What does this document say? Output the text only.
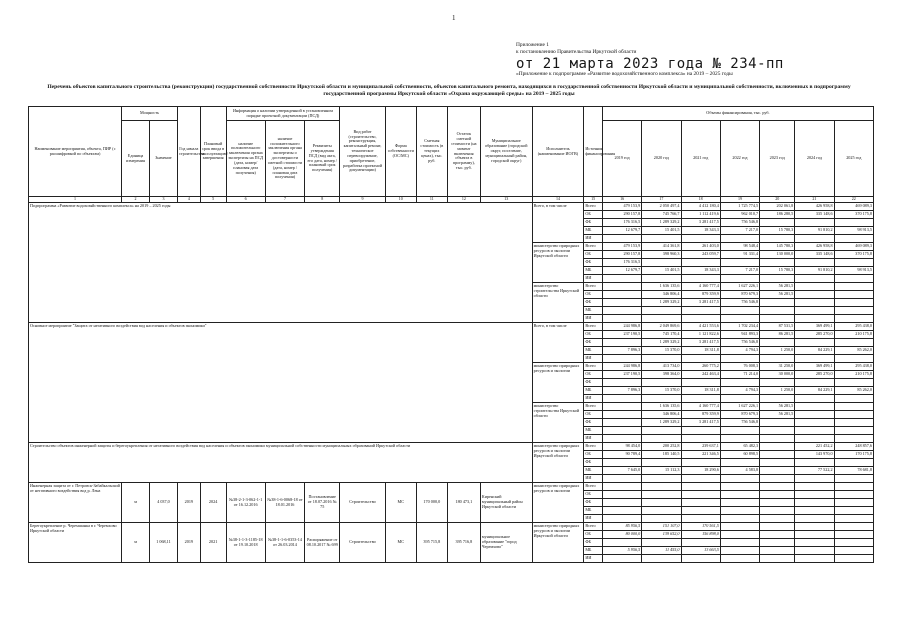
1
Приложение 1
к постановлению Правительства Иркутской области
от 21 марта 2023 года № 234-пп
«Приложение к подпрограмме «Развитие водохозяйственного комплекса» на 2019 – 2025 годы
Перечень объектов капитального строительства (реконструкции) государственной собственности Иркутской области и муниципальной собственности, объектов капитального ремонта, находящихся в государственной собственности Иркутской области и муниципальной собственности, включенных в подпрограмму государственной программы Иркутской области «Охрана окружающей среды» на 2019 – 2025 годы
Наименование мероприятия, объекта, ПИР (с расшифровкой по объектам)	Мощность		Год начала строительства	Плановый срок ввода в эксплуатацию/завершения	Информация о наличии утвержденной в установленном порядке проектной документации (ПСД)			Вид работ (строительство, реконструкция, капитальный ремонт, техническое перевооружение, приобретение, разработка проектной документации)	Форма собственности (ОС/МС)	Сметная стоимость (в текущих ценах), тыс. руб.	Остаток сметной стоимости (на момент включения объекта в программу), тыс. руб.	Муниципальное образование (городской округ, поселение, муниципальный район, городской округ)	Исполнитель (наименование ИОГВ)	Источник финансирования	Объемы финансирования, тыс. руб.						
	Единица измерения	Значение			наличие положительного заключения органа экспертизы на ПСД (дата, номер/плановая дата получения)	наличие положительного заключения органа экспертизы о достоверности сметной стоимости (дата, номер / плановая дата получения)	Реквизиты утверждения ПСД (вид акта, его дата, номер / плановый срок получения)								2019 год	2020 год	2021 год	2022 год	2023 год	2024 год	2025 год

1	2	3	4	5	6	7	8	9	10	11	12	13	14	15	16	17	18	19	20	21	22
Подпрограмма «Развитие водохозяйственного комплекса» на 2019 – 2025 годы													Всего, в том числе	Всего	479 153,9	2 050 497,4	4 412 180,4	1 725 774,5	202 061,8	426 958,8	469 089,3
														ОБ	290 157,8	745 766,7	1 112 419,6	962 010,7	186 280,5	335 148,6	370 175,8
														ФБ	176 316,5	1 289 329,2	3 281 417,5	756 546,8			
														МБ	12 679,7	15 401,5	18 343,3	7 217,0	15 780,3	91 810,2	98 913,5
														ИИ							
													министерство природных ресурсов и экологии Иркутской области	Всего	479 153,9	414 361,8	261 403,0	98 548,4	145 780,3	426 958,8	469 089,3
														ОБ	290 157,8	398 960,3	243 059,7	91 331,4	130 000,0	335 148,6	370 175,8
														ФБ	176 316,5						
														МБ	12 679,7	15 401,5	18 343,3	7 217,0	15 780,3	91 810,2	98 913,5
														ИИ							
													министерство строительства Иркутской области	Всего		1 636 135,6	4 160 777,4	1 627 226,1	56 281,5		
														ОБ		346 806,4	879 359,9	870 679,3	56 281,5		
														ФБ		1 289 329,2	3 281 417,5	756 546,8			
														МБ							
														ИИ							
Основное мероприятие "Защита от негативного воздействия вод населения и объектов экономики"													Всего, в том числе	Всего	244 986,8	2 049 869,6	4 421 553,6	1 702 234,4	87 531,5	369 499,1	295 438,0
														ОБ	237 190,5	745 170,4	1 121 822,6	941 893,3	86 281,5	285 270,0	210 175,8
														ФБ		1 289 329,2	3 281 417,5	756 546,8			
														МБ	7 896,3	15 370,0	18 311,8	4 794,3	1 250,0	84 229,1	85 262,0
														ИИ							
													министерство природных ресурсов и экологии	Всего	244 986,8	413 734,0	260 775,2	76 008,3	31 250,0	369 499,1	295 438,0
														ОБ	237 190,5	398 364,0	242 463,4	71 214,0	30 000,0	285 270,0	210 175,8
														ФБ							
														МБ	7 896,3	15 370,0	18 311,8	4 794,3	1 250,0	84 229,1	85 262,0
														ИИ							
													министерство строительства Иркутской области	Всего		1 636 135,6	4 160 777,4	1 627 226,1	56 281,5		
														ОБ		346 806,4	879 359,9	870 679,3	56 281,5		
														ФБ		1 289 329,2	3 281 417,5	756 546,8			
														МБ							
														ИИ							
Строительство объектов инженерной защиты и берегоукрепления от негативного воздействия вод населения и объектов экономики муниципальной собственности муниципальных образований Иркутской области													министерство природных ресурсов и экологии Иркутской области	Всего	98 454,0	200 252,8	239 637,1	65 482,3		221 452,2	248 857,6
														ОБ	90 789,4	185 140,5	221 346,5	60 898,5		143 970,0	170 175,8
														ФБ							
														МБ	7 645,0	15 112,3	18 290,6	4 583,8		77 522,2	78 681,8
														ИИ							
Инженерная защита от г. Петровск-Забайкальский от негативного воздействия вод р. Лена	м	4 037,0	2019	2024	№38-2-1-3-062-1-1 от 16.12.2016	№38-1-6-0068-18 от 18.01.2016	Постановление от 18.07.2016 № 75	Строительство	МС	170 000,0	180 473,1	Киренский муниципальный район Иркутской области	министерство природных ресурсов и экологии	Всего							
														ОБ							
														ФБ							
														МБ							
														ИИ							
Берегоукрепление р. Черемшанка в г. Черемхово Иркутской области	м	1 068,11	2019	2021	№38-1-1-3-1185-18 от 19.10.2018	№38-1-1-6-0353-14 от 26.03.2014	Распоряжение от 08.10.2017 № 699	Строительство	МС	395 715,8	395 716,8	муниципальное образование "город Черемхово"	министерство природных ресурсов и экологии Иркутской области	Всего	85 956,5	151 107,0	170 561,5				
														ОБ	80 000,0	139 652,0	156 898,0				
														ФБ							
														МБ	5 956,5	11 455,0	13 663,5				
														ИИ							
